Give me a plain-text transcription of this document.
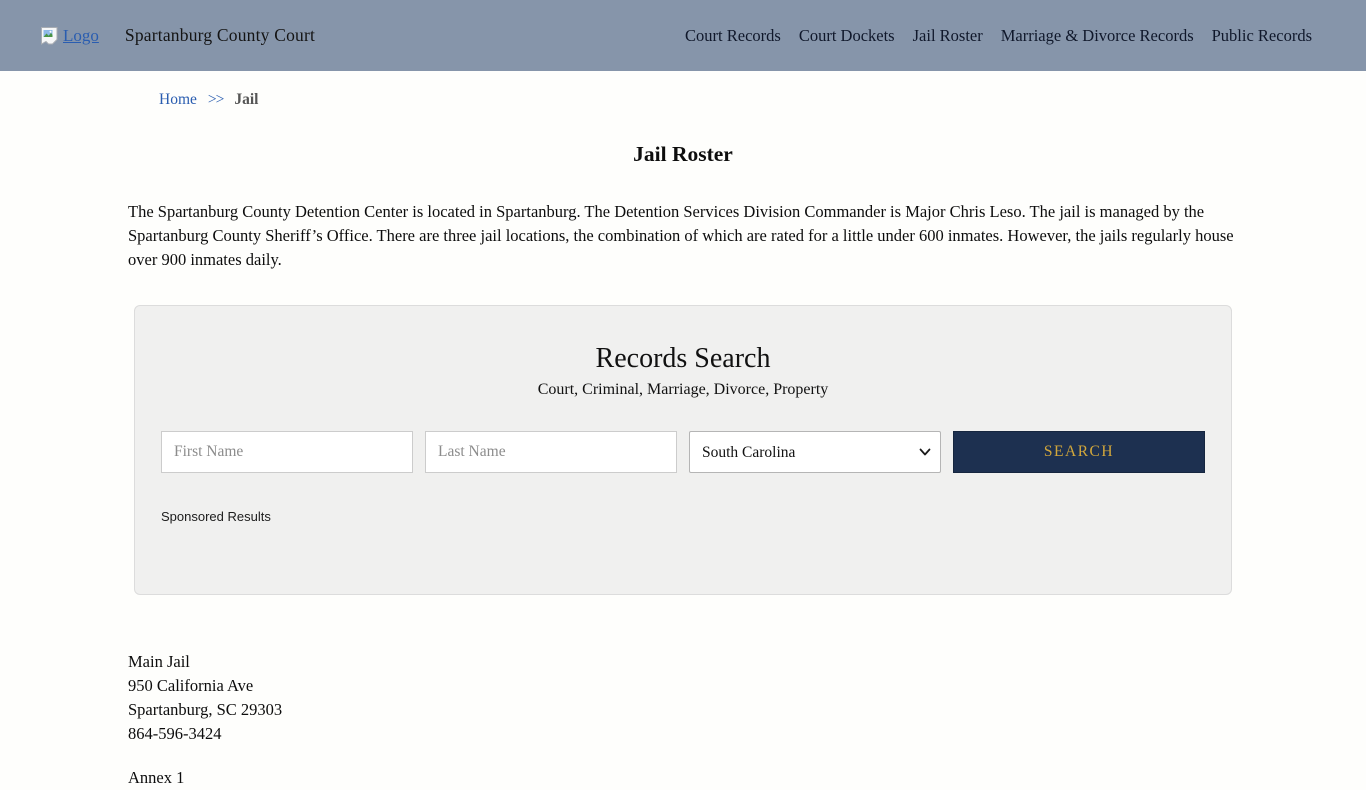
Logo Spartanburg County Court	Court Records Court Dockets Jail Roster Marriage & Divorce Records Public Records
Home >> Jail
Jail Roster

The Spartanburg County Detention Center is located in Spartanburg. The Detention Services Division Commander is Major Chris Leso. The jail is managed by the Spartanburg County Sheriff’s Office. There are three jail locations, the combination of which are rated for a little under 600 inmates. However, the jails regularly house over 900 inmates daily.

Records Search
Court, Criminal, Marriage, Divorce, Property
First Name
Last Name
South Carolina
SEARCH
Sponsored Results
Main Jail
950 California Ave
Spartanburg, SC 29303
864-596-3424
Annex 1
